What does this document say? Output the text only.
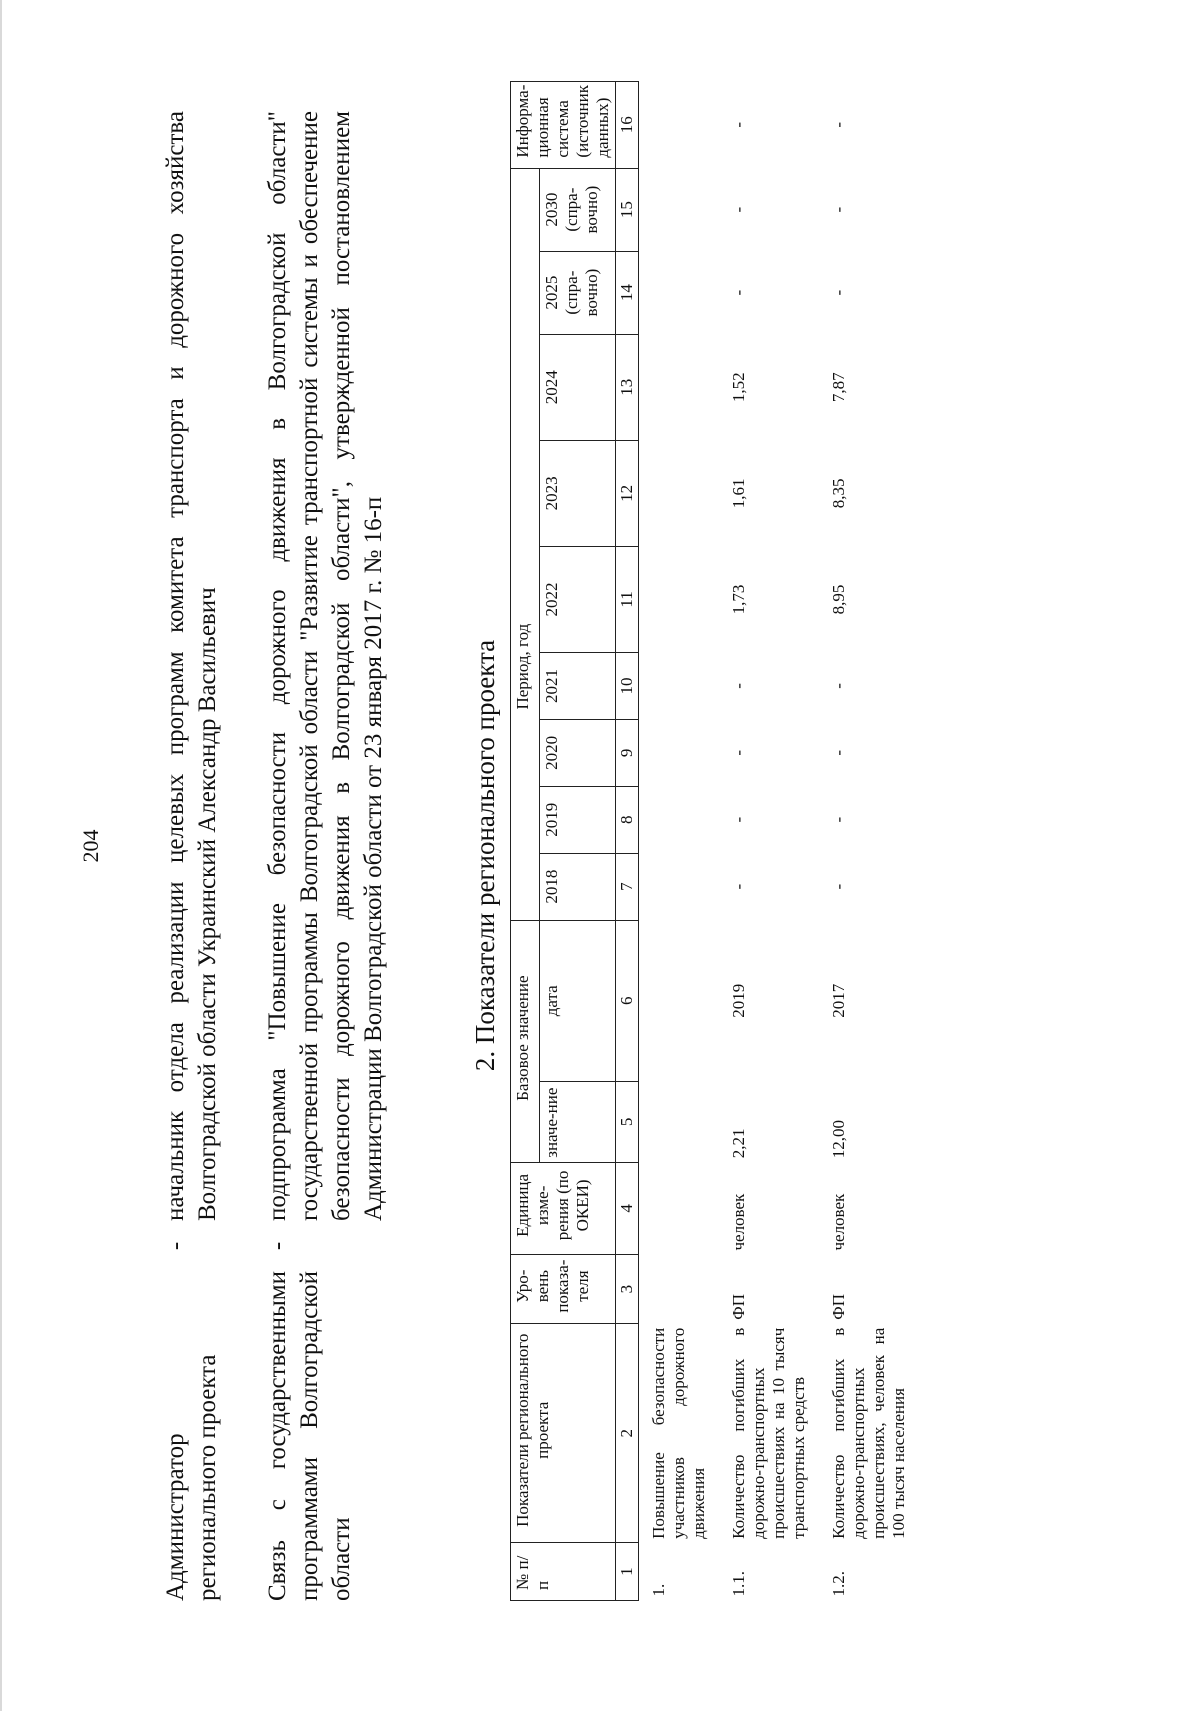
204
Администратор регионального проекта
-
начальник отдела реализации целевых программ комитета транспорта и дорожного хозяйства Волгоградской области Украинский Александр Васильевич
Связь с государственными программами Волгоградской области
-
подпрограмма "Повышение безопасности дорожного движения в Волгоградской области" государственной программы Волгоградской области "Развитие транспортной системы и обеспечение безопасности дорожного движения в Волгоградской области", утвержденной постановлением Администрации Волгоградской области от 23 января 2017 г. № 16-п	2. Показатели регионального проекта
№ п/п	Показатели регионального проекта	Уро-вень показа-теля	Единица изме-рения (по ОКЕИ)	Базовое значение		Период, год									Информа-ционная система (источник данных)
				значе-ние	дата	2018	2019	2020	2021	2022	2023	2024	2025 (спра-вочно)	2030 (спра-вочно)	
1	2	3	4	5	6	7	8	9	10	11	12	13	14	15	16
1.	Повышение безопасности участников дорожного движения														
1.1.	Количество погибших в дорожно-транспортных происшествиях на 10 тысяч транспортных средств	ФП	человек	2,21	2019	-	-	-	-	1,73	1,61	1,52	-	-	-
1.2.	Количество погибших в дорожно-транспортных происшествиях, человек на 100 тысяч населения	ФП	человек	12,00	2017	-	-	-	-	8,95	8,35	7,87	-	-	-
